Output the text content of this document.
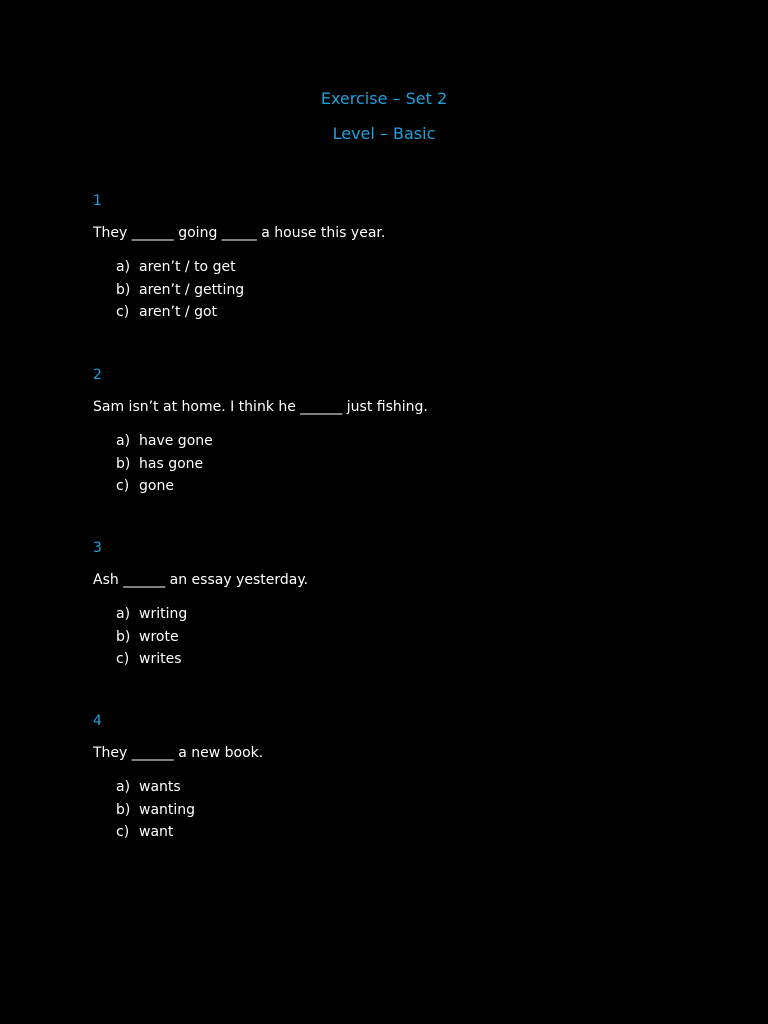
Exercise – Set 2
Level – Basic
1
They ______ going _____ a house this year.
a) aren’t / to get
b) aren’t / getting
c) aren’t / got
2
Sam isn’t at home. I think he ______ just fishing.
a) have gone
b) has gone
c) gone
3
Ash ______ an essay yesterday.
a) writing
b) wrote
c) writes
4
They ______ a new book.
a) wants
b) wanting
c) want
